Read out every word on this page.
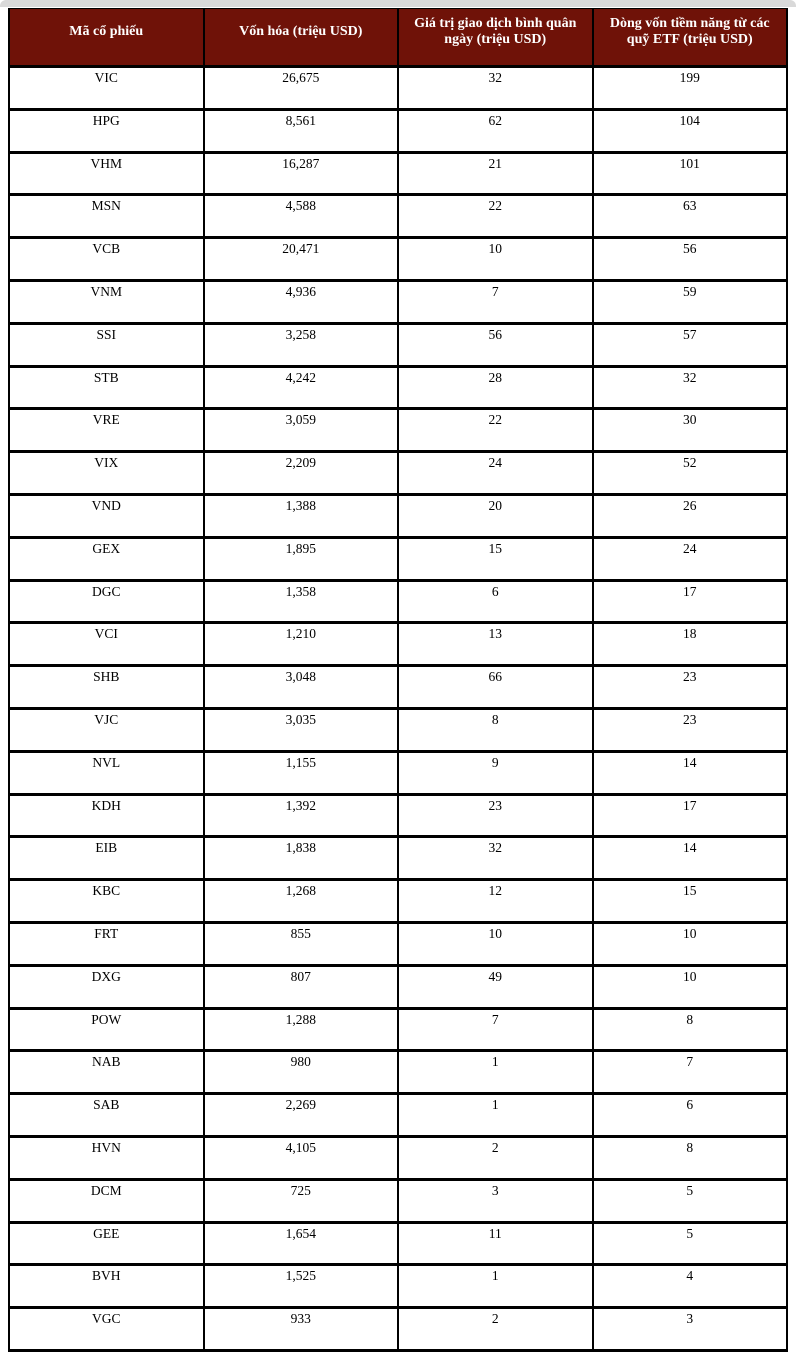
Mã cổ phiếu	Vốn hóa (triệu USD)	Giá trị giao dịch bình quân ngày (triệu USD)	Dòng vốn tiềm năng từ các quỹ ETF (triệu USD)

VIC	26,675	32	199
HPG	8,561	62	104
VHM	16,287	21	101
MSN	4,588	22	63
VCB	20,471	10	56
VNM	4,936	7	59
SSI	3,258	56	57
STB	4,242	28	32
VRE	3,059	22	30
VIX	2,209	24	52
VND	1,388	20	26
GEX	1,895	15	24
DGC	1,358	6	17
VCI	1,210	13	18
SHB	3,048	66	23
VJC	3,035	8	23
NVL	1,155	9	14
KDH	1,392	23	17
EIB	1,838	32	14
KBC	1,268	12	15
FRT	855	10	10
DXG	807	49	10
POW	1,288	7	8
NAB	980	1	7
SAB	2,269	1	6
HVN	4,105	2	8
DCM	725	3	5
GEE	1,654	11	5
BVH	1,525	1	4
VGC	933	2	3
